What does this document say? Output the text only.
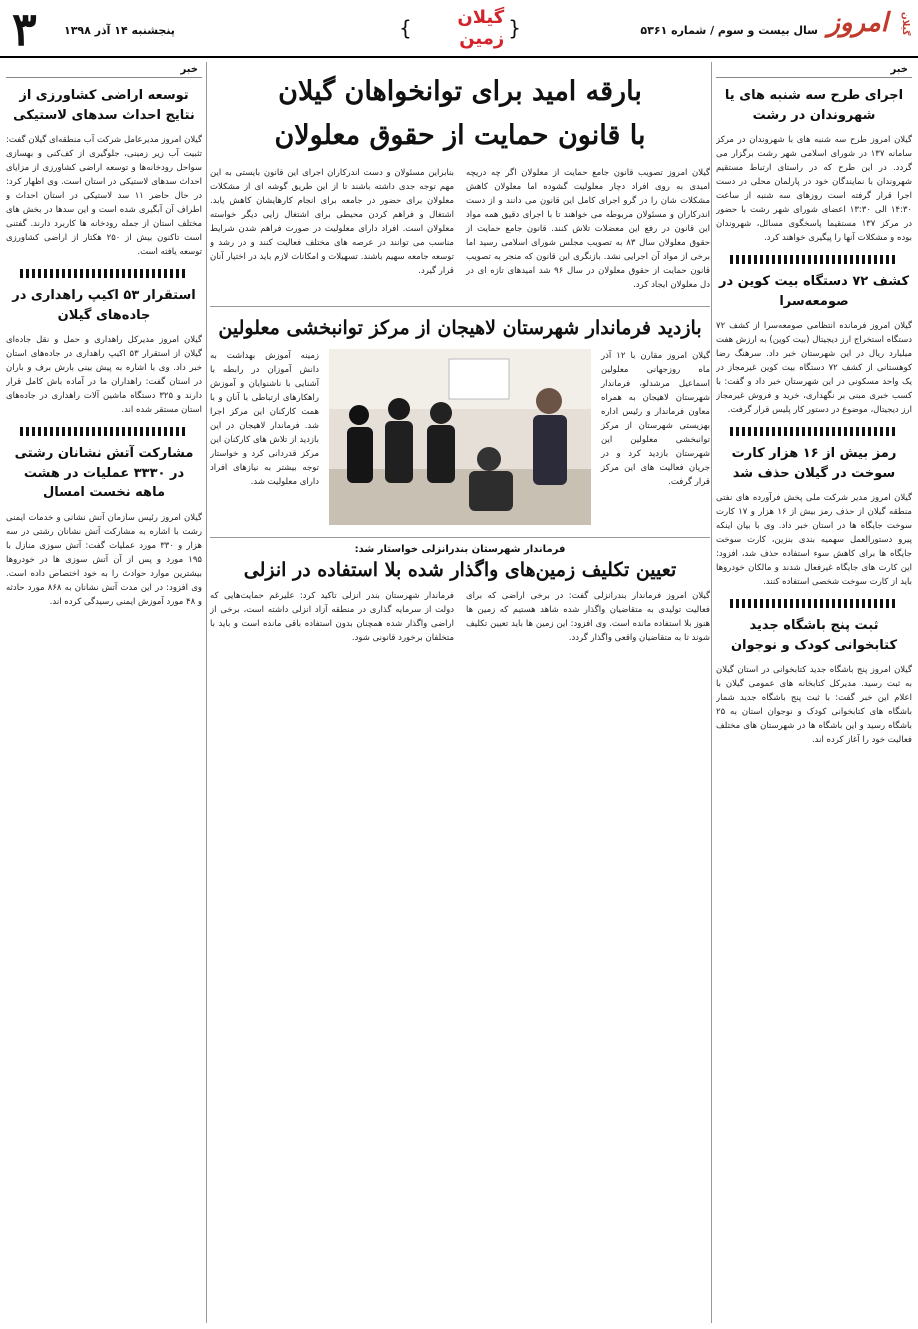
امروز گیلان
سال بیست و سوم / شماره ۵۳۶۱
{
گیلان زمین
}
پنجشنبه ۱۴ آذر ۱۳۹۸
۳
خبر
اجرای طرح سه شنبه های یا شهروندان در رشت

گیلان امروز طرح سه شنبه های با شهروندان در مرکز سامانه ۱۳۷ در شورای اسلامی شهر رشت برگزار می گردد. در این طرح که در راستای ارتباط مستقیم شهروندان با نمایندگان خود در پارلمان محلی در دست اجرا قرار گرفته است روزهای سه شنبه از ساعت ۱۴:۳۰ الی ۱۳:۳۰ اعضای شورای شهر رشت با حضور در مرکز ۱۳۷ مستقیما پاسخگوی مسائل، شهروندان بوده و مشکلات آنها را پیگیری خواهند کرد.

کشف ۷۲ دستگاه بیت کوین در صومعه‌سرا

گیلان امروز فرمانده انتظامی صومعه‌سرا از کشف ۷۲ دستگاه استخراج ارز دیجیتال (بیت کوین) به ارزش هفت میلیارد ریال در این شهرستان خبر داد. سرهنگ رضا کوهستانی از کشف ۷۲ دستگاه بیت کوین غیرمجاز در یک واحد مسکونی در این شهرستان خبر داد و گفت: با کسب خبری مبنی بر نگهداری، خرید و فروش غیرمجاز ارز دیجیتال، موضوع در دستور کار پلیس قرار گرفت.

رمز بیش از ۱۶ هزار کارت سوخت در گیلان حذف شد

گیلان امروز مدیر شرکت ملی پخش فرآورده های نفتی منطقه گیلان از حذف رمز بیش از ۱۶ هزار و ۱۷ کارت سوخت جایگاه ها در استان خبر داد. وی با بیان اینکه پیرو دستورالعمل سهمیه بندی بنزین، کارت سوخت جایگاه ها برای کاهش سوء استفاده حذف شد، افزود: این کارت های جایگاه غیرفعال شدند و مالکان خودروها باید از کارت سوخت شخصی استفاده کنند.

ثبت پنج باشگاه جدید کتابخوانی کودک و نوجوان

گیلان امروز پنج باشگاه جدید کتابخوانی در استان گیلان به ثبت رسید. مدیرکل کتابخانه های عمومی گیلان با اعلام این خبر گفت: با ثبت پنج باشگاه جدید شمار باشگاه های کتابخوانی کودک و نوجوان استان به ۲۵ باشگاه رسید و این باشگاه ها در شهرستان های مختلف فعالیت خود را آغاز کرده اند.

خبر
توسعه اراضی کشاورزی از نتایج احداث سدهای لاستیکی

گیلان امروز مدیرعامل شرکت آب منطقه‌ای گیلان گفت: تثبیت آب زیر زمینی، جلوگیری از کف‌کنی و بهسازی سواحل رودخانه‌ها و توسعه اراضی کشاورزی از مزایای احداث سدهای لاستیکی در استان است. وی اظهار کرد: در حال حاضر ۱۱ سد لاستیکی در استان احداث و اطراف آن آبگیری شده است و این سدها در بخش های مختلف استان از جمله رودخانه ها کاربرد دارند. گفتنی است تاکنون بیش از ۲۵۰ هکتار از اراضی کشاورزی توسعه یافته است.

استقرار ۵۳ اکیپ راهداری در جاده‌های گیلان

گیلان امروز مدیرکل راهداری و حمل و نقل جاده‌ای گیلان از استقرار ۵۳ اکیپ راهداری در جاده‌های استان خبر داد. وی با اشاره به پیش بینی بارش برف و باران در استان گفت: راهداران ما در آماده باش کامل قرار دارند و ۳۲۵ دستگاه ماشین آلات راهداری در جاده‌های استان مستقر شده اند.

مشارکت آتش نشانان رشتی در ۳۳۳۰ عملیات در هشت ماهه نخست امسال

گیلان امروز رئیس سازمان آتش نشانی و خدمات ایمنی رشت با اشاره به مشارکت آتش نشانان رشتی در سه هزار و ۳۳۰ مورد عملیات گفت: آتش سوزی منازل با ۱۹۵ مورد و پس از آن آتش سوزی ها در خودروها بیشترین موارد حوادث را به خود اختصاص داده است. وی افزود: در این مدت آتش نشانان به ۸۶۸ مورد حادثه و ۴۸ مورد آموزش ایمنی رسیدگی کرده اند.

بارقه امید برای توانخواهان گیلان
با قانون حمایت از حقوق معلولان

گیلان امروز تصویب قانون جامع حمایت از معلولان اگر چه دریچه امیدی به روی افراد دچار معلولیت گشوده اما معلولان کاهش مشکلات شان را در گرو اجرای کامل این قانون می دانند و از دست اندرکاران و مسئولان مربوطه می خواهند تا با اجرای دقیق همه مواد این قانون در رفع این معضلات تلاش کنند. قانون جامع حمایت از حقوق معلولان سال ۸۳ به تصویب مجلس شورای اسلامی رسید اما برخی از مواد آن اجرایی نشد. بازنگری این قانون که منجر به تصویب قانون حمایت از حقوق معلولان در سال ۹۶ شد امیدهای تازه ای در دل معلولان ایجاد کرد.

بنابراین مسئولان و دست اندرکاران اجرای این قانون بایستی به این مهم توجه جدی داشته باشند تا از این طریق گوشه ای از مشکلات معلولان برای حضور در جامعه برای انجام کارهایشان کاهش یابد. اشتغال و فراهم کردن محیطی برای اشتغال زایی دیگر خواسته معلولان است. افراد دارای معلولیت در صورت فراهم شدن شرایط مناسب می توانند در عرصه های مختلف فعالیت کنند و در رشد و توسعه جامعه سهیم باشند. تسهیلات و امکانات لازم باید در اختیار آنان قرار گیرد.

بازدید فرماندار شهرستان لاهیجان از مرکز توانبخشی معلولین

گیلان امروز مقارن با ۱۲ آذر ماه روزجهانی معلولین اسماعیل مرشدلو، فرماندار شهرستان لاهیجان به همراه معاون فرماندار و رئیس اداره بهزیستی شهرستان از مرکز توانبخشی معلولین این شهرستان بازدید کرد و در جریان فعالیت های این مرکز قرار گرفت.

زمینه آموزش بهداشت به دانش آموزان در رابطه با آشنایی با ناشنوایان و آموزش راهکارهای ارتباطی با آنان و با همت کارکنان این مرکز اجرا شد. فرماندار لاهیجان در این بازدید از تلاش های کارکنان این مرکز قدردانی کرد و خواستار توجه بیشتر به نیازهای افراد دارای معلولیت شد.

فرماندار شهرستان بندرانزلی خواستار شد:
تعیین تکلیف زمین‌های واگذار شده بلا استفاده در انزلی

گیلان امروز فرماندار بندرانزلی گفت: در برخی اراضی که برای فعالیت تولیدی به متقاضیان واگذار شده شاهد هستیم که زمین ها هنوز بلا استفاده مانده است. وی افزود: این زمین ها باید تعیین تکلیف شوند تا به متقاضیان واقعی واگذار گردد.

فرماندار شهرستان بندر انزلی تاکید کرد: علیرغم حمایت‌هایی که دولت از سرمایه گذاری در منطقه آزاد انزلی داشته است، برخی از اراضی واگذار شده همچنان بدون استفاده باقی مانده است و باید با متخلفان برخورد قانونی شود.
